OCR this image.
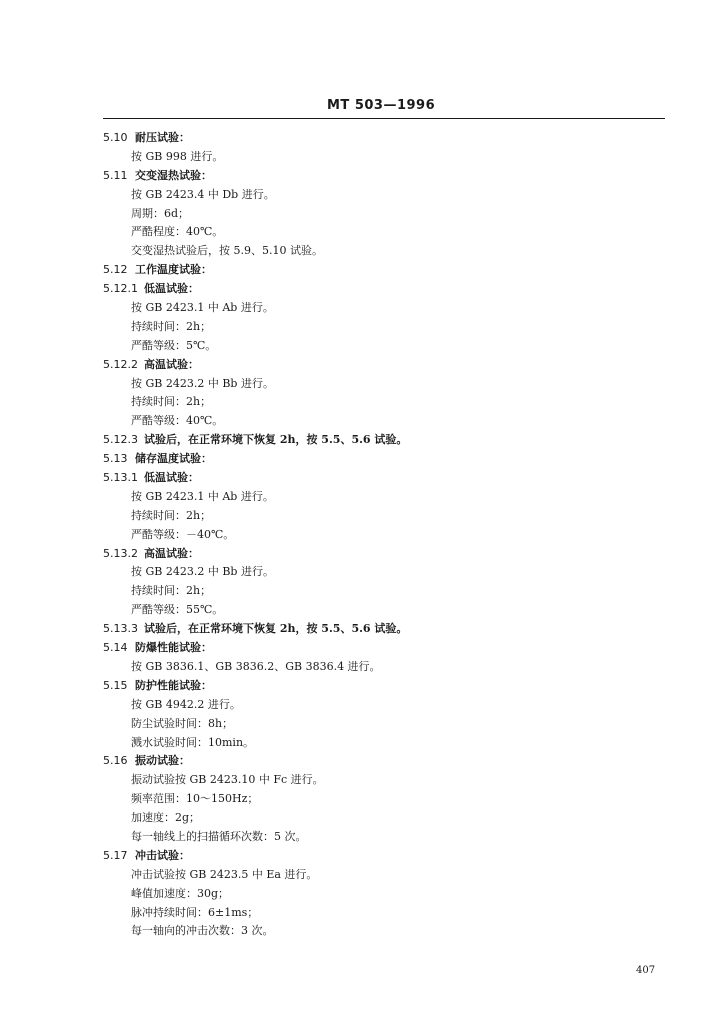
MT 503—1996
5.10 耐压试验：
按 GB 998 进行。
5.11 交变湿热试验：
按 GB 2423.4 中 Db 进行。
周期：6d；
严酷程度：40℃。
交变湿热试验后，按 5.9、5.10 试验。
5.12 工作温度试验：
5.12.1 低温试验：
按 GB 2423.1 中 Ab 进行。
持续时间：2h；
严酷等级：5℃。
5.12.2 高温试验：
按 GB 2423.2 中 Bb 进行。
持续时间：2h；
严酷等级：40℃。
5.12.3 试验后，在正常环境下恢复 2h，按 5.5、5.6 试验。
5.13 储存温度试验：
5.13.1 低温试验：
按 GB 2423.1 中 Ab 进行。
持续时间：2h；
严酷等级：－40℃。
5.13.2 高温试验：
按 GB 2423.2 中 Bb 进行。
持续时间：2h；
严酷等级：55℃。
5.13.3 试验后，在正常环境下恢复 2h，按 5.5、5.6 试验。
5.14 防爆性能试验：
按 GB 3836.1、GB 3836.2、GB 3836.4 进行。
5.15 防护性能试验：
按 GB 4942.2 进行。
防尘试验时间：8h；
溅水试验时间：10min。
5.16 振动试验：
振动试验按 GB 2423.10 中 Fc 进行。
频率范围：10～150Hz；
加速度：2g；
每一轴线上的扫描循环次数：5 次。
5.17 冲击试验：
冲击试验按 GB 2423.5 中 Ea 进行。
峰值加速度：30g；
脉冲持续时间：6±1ms；
每一轴向的冲击次数：3 次。
407
